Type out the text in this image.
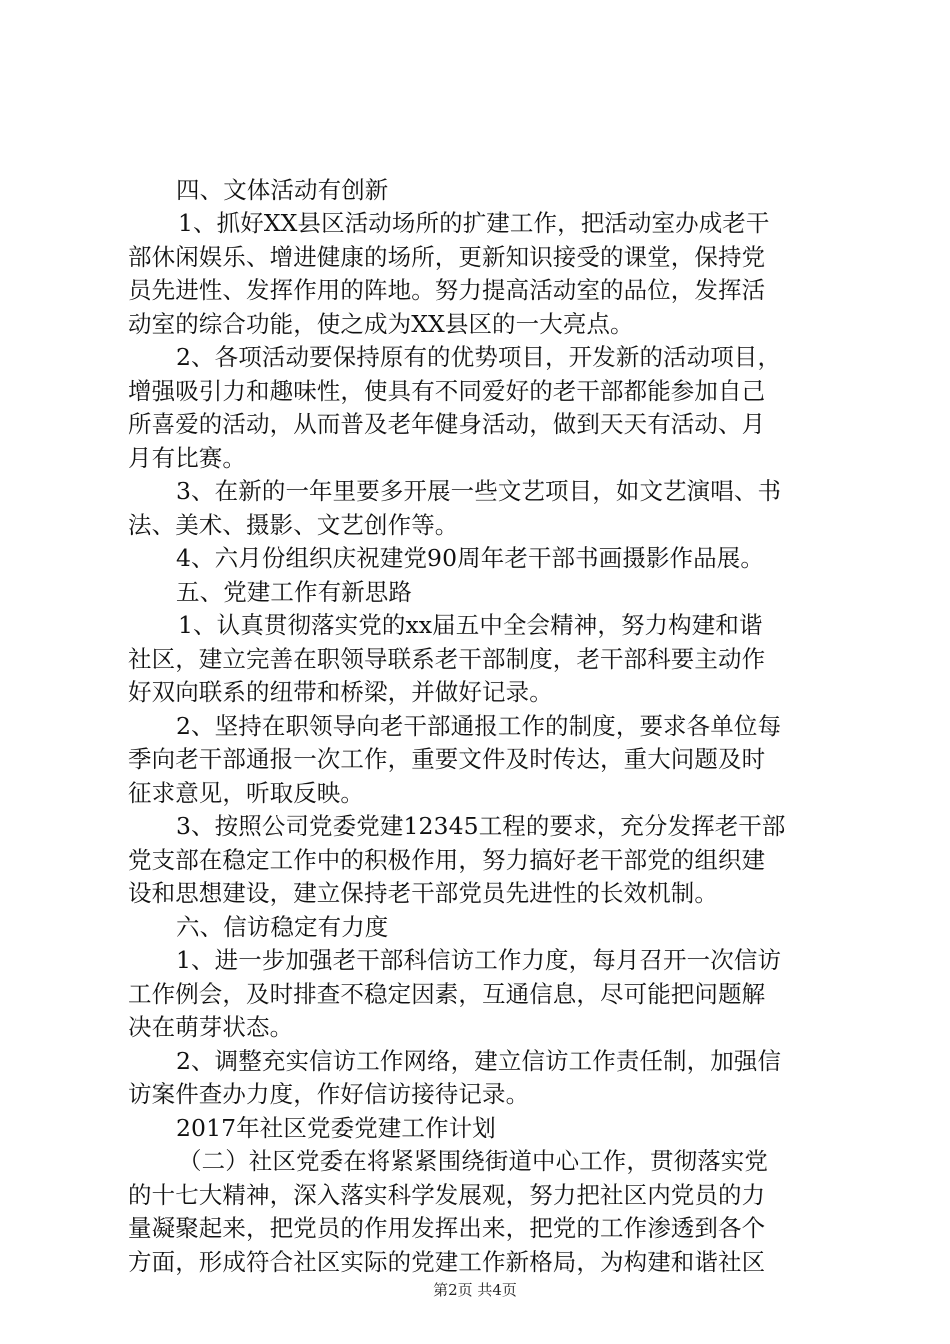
四、文体活动有创新
1、抓好XX县区活动场所的扩建工作，把活动室办成老干
部休闲娱乐、增进健康的场所，更新知识接受的课堂，保持党
员先进性、发挥作用的阵地。努力提高活动室的品位，发挥活
动室的综合功能，使之成为XX县区的一大亮点。
2、各项活动要保持原有的优势项目，开发新的活动项目，
增强吸引力和趣味性，使具有不同爱好的老干部都能参加自己
所喜爱的活动，从而普及老年健身活动，做到天天有活动、月
月有比赛。
3、在新的一年里要多开展一些文艺项目，如文艺演唱、书
法、美术、摄影、文艺创作等。
4、六月份组织庆祝建党90周年老干部书画摄影作品展。
五、党建工作有新思路
1、认真贯彻落实党的xx届五中全会精神，努力构建和谐
社区，建立完善在职领导联系老干部制度，老干部科要主动作
好双向联系的纽带和桥梁，并做好记录。
2、坚持在职领导向老干部通报工作的制度，要求各单位每
季向老干部通报一次工作，重要文件及时传达，重大问题及时
征求意见，听取反映。
3、按照公司党委党建12345工程的要求，充分发挥老干部
党支部在稳定工作中的积极作用，努力搞好老干部党的组织建
设和思想建设，建立保持老干部党员先进性的长效机制。
六、信访稳定有力度
1、进一步加强老干部科信访工作力度，每月召开一次信访
工作例会，及时排查不稳定因素，互通信息，尽可能把问题解
决在萌芽状态。
2、调整充实信访工作网络，建立信访工作责任制，加强信
访案件查办力度，作好信访接待记录。
2017年社区党委党建工作计划
（二）社区党委在将紧紧围绕街道中心工作，贯彻落实党
的十七大精神，深入落实科学发展观，努力把社区内党员的力
量凝聚起来，把党员的作用发挥出来，把党的工作渗透到各个
方面，形成符合社区实际的党建工作新格局，为构建和谐社区
第2页 共4页
